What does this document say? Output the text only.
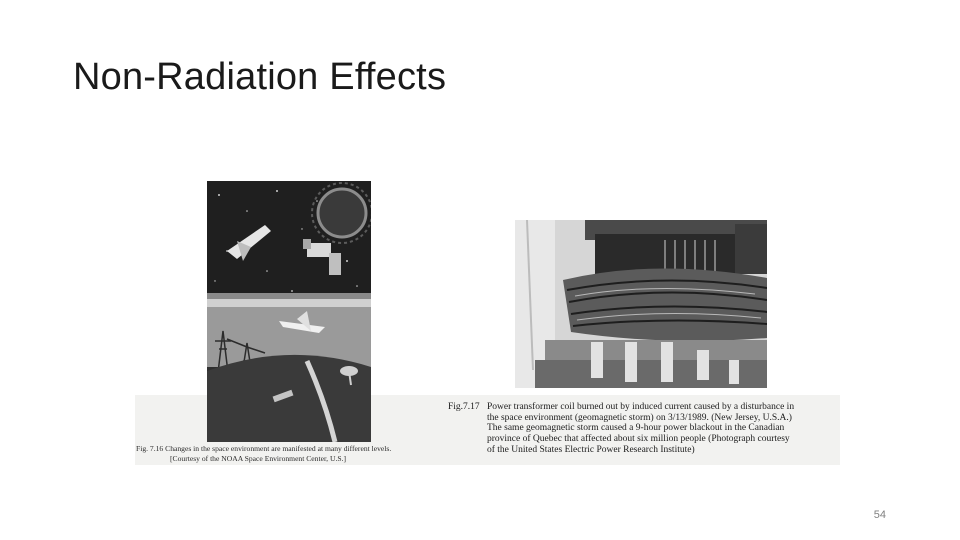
Non-Radiation Effects
Fig. 7.16 Changes in the space environment are manifested at many different levels.
[Courtesy of the NOAA Space Environment Center, U.S.]
Fig.7.17 Power transformer coil burned out by induced current caused by a disturbance in
the space environment (geomagnetic storm) on 3/13/1989. (New Jersey, U.S.A.)
The same geomagnetic storm caused a 9-hour power blackout in the Canadian
province of Quebec that affected about six million people (Photograph courtesy
of the United States Electric Power Research Institute)
54
